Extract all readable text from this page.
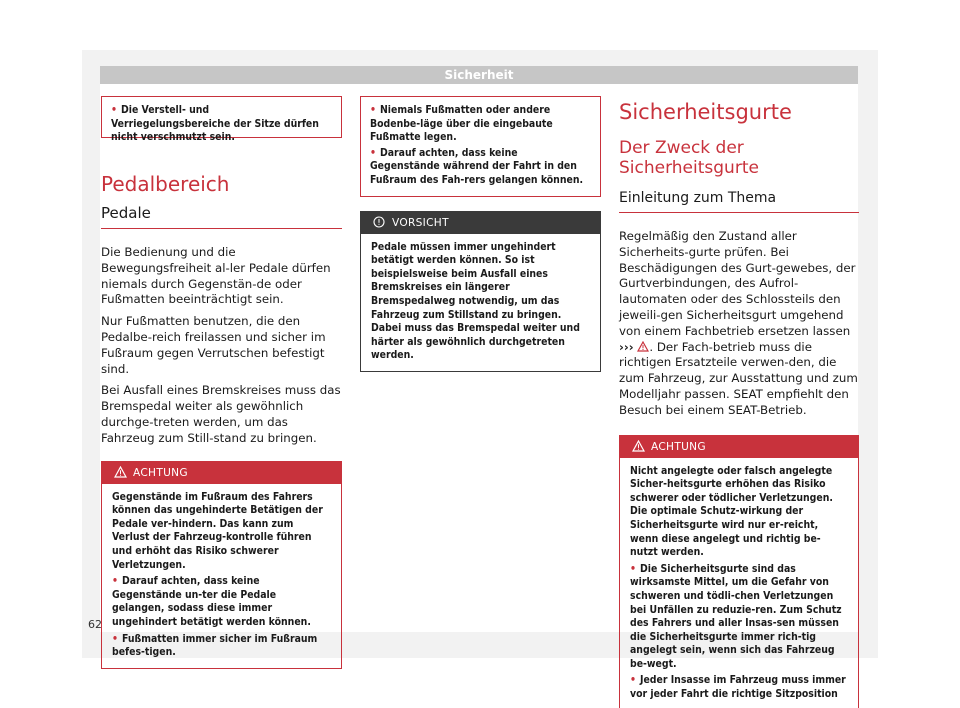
Sicherheit
• Die Verstell- und Verriegelungsbereiche der Sitze dürfen nicht verschmutzt sein.
Pedalbereich
Pedale

Die Bedienung und die Bewegungsfreiheit al-ler Pedale dürfen niemals durch Gegenstän-de oder Fußmatten beeinträchtigt sein.

Nur Fußmatten benutzen, die den Pedalbe-reich freilassen und sicher im Fußraum gegen Verrutschen befestigt sind.

Bei Ausfall eines Bremskreises muss das Bremspedal weiter als gewöhnlich durchge-treten werden, um das Fahrzeug zum Still-stand zu bringen.

ACHTUNG

Gegenstände im Fußraum des Fahrers können das ungehinderte Betätigen der Pedale ver-hindern. Das kann zum Verlust der Fahrzeug-kontrolle führen und erhöht das Risiko schwerer Verletzungen.

• Darauf achten, dass keine Gegenstände un-ter die Pedale gelangen, sodass diese immer ungehindert betätigt werden können.
• Fußmatten immer sicher im Fußraum befes-tigen.
• Niemals Fußmatten oder andere Bodenbe-läge über die eingebaute Fußmatte legen.
• Darauf achten, dass keine Gegenstände während der Fahrt in den Fußraum des Fah-rers gelangen können.
VORSICHT

Pedale müssen immer ungehindert betätigt werden können. So ist beispielsweise beim Ausfall eines Bremskreises ein längerer Bremspedalweg notwendig, um das Fahrzeug zum Stillstand zu bringen. Dabei muss das Bremspedal weiter und härter als gewöhnlich durchgetreten werden.

Sicherheitsgurte
Der Zweck der Sicherheitsgurte
Einleitung zum Thema

Regelmäßig den Zustand aller Sicherheits-gurte prüfen. Bei Beschädigungen des Gurt-gewebes, der Gurtverbindungen, des Aufrol-lautomaten oder des Schlossteils den jeweili-gen Sicherheitsgurt umgehend von einem Fachbetrieb ersetzen lassen ››› . Der Fach-betrieb muss die richtigen Ersatzteile verwen-den, die zum Fahrzeug, zur Ausstattung und zum Modelljahr passen. SEAT empfiehlt den Besuch bei einem SEAT-Betrieb.

ACHTUNG

Nicht angelegte oder falsch angelegte Sicher-heitsgurte erhöhen das Risiko schwerer oder tödlicher Verletzungen. Die optimale Schutz-wirkung der Sicherheitsgurte wird nur er-reicht, wenn diese angelegt und richtig be-nutzt werden.

• Die Sicherheitsgurte sind das wirksamste Mittel, um die Gefahr von schweren und tödli-chen Verletzungen bei Unfällen zu reduzie-ren. Zum Schutz des Fahrers und aller Insas-sen müssen die Sicherheitsgurte immer rich-tig angelegt sein, wenn sich das Fahrzeug be-wegt.
• Jeder Insasse im Fahrzeug muss immer vor jeder Fahrt die richtige Sitzposition
62
